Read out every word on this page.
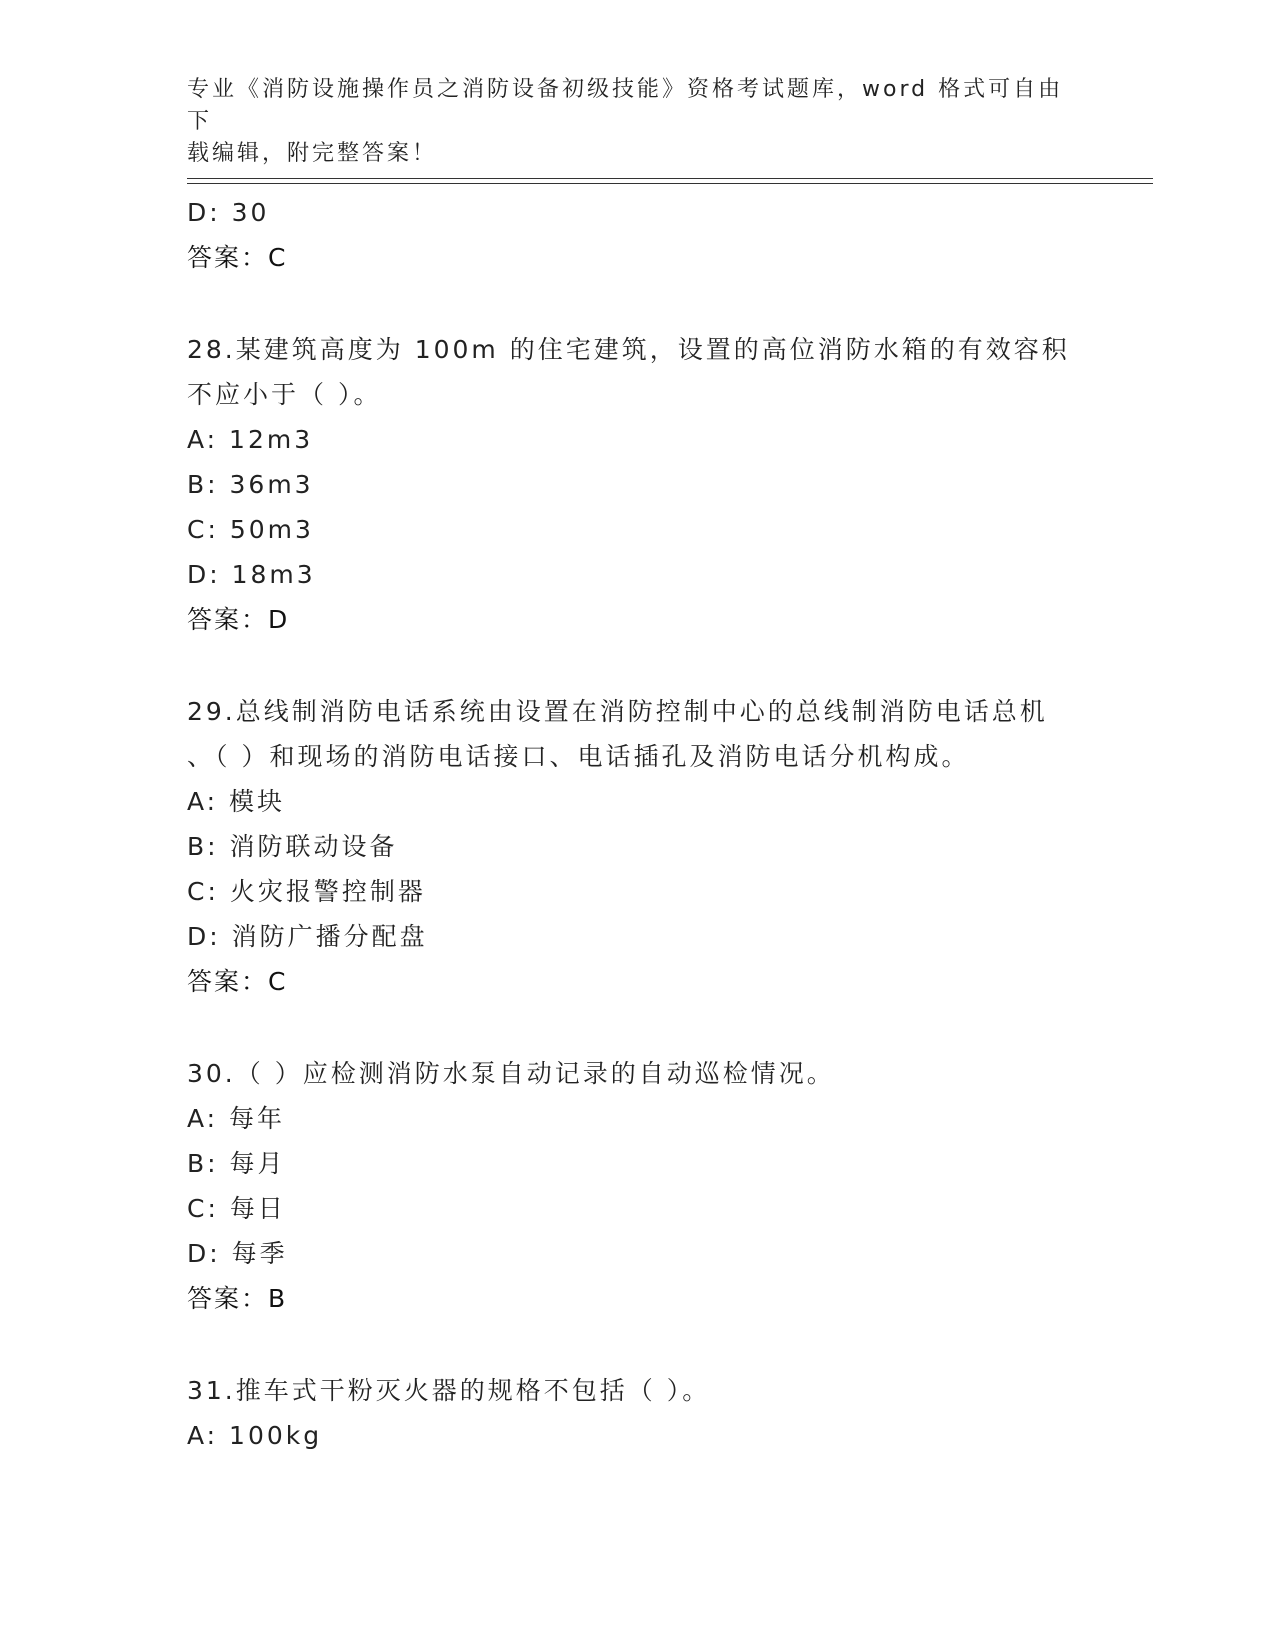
专业《消防设施操作员之消防设备初级技能》资格考试题库，word 格式可自由下
载编辑，附完整答案！
D: 30
答案：C
28.某建筑高度为 100m 的住宅建筑，设置的高位消防水箱的有效容积
不应小于（ ）。
A: 12m3
B: 36m3
C: 50m3
D: 18m3
答案：D
29.总线制消防电话系统由设置在消防控制中心的总线制消防电话总机
、（ ）和现场的消防电话接口、电话插孔及消防电话分机构成。
A: 模块
B: 消防联动设备
C: 火灾报警控制器
D: 消防广播分配盘
答案：C
30.（ ）应检测消防水泵自动记录的自动巡检情况。
A: 每年
B: 每月
C: 每日
D: 每季
答案：B
31.推车式干粉灭火器的规格不包括（ ）。
A: 100kg
